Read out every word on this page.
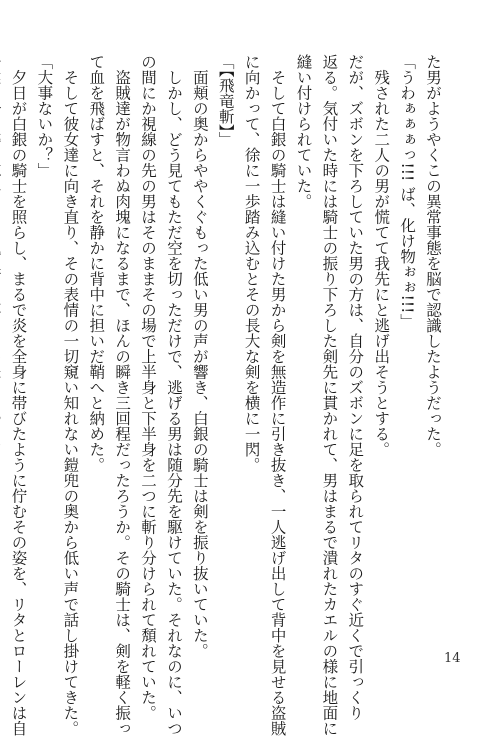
た男がようやくこの異常事態を脳で認識したようだった。
「うわぁぁぁっ!!! ば、化け物ぉぉ!!!」
　残された二人の男が慌てて我先にと逃げ出そうとする。
だが、ズボンを下ろしていた男の方は、自分のズボンに足を取られてリタのすぐ近くで引っくり
返る。気付いた時には騎士の振り下ろした剣先に貫かれて、男はまるで潰れたカエルの様に地面に
縫い付けられていた。
　そして白銀の騎士は縫い付けた男から剣を無造作に引き抜き、一人逃げ出して背中を見せる盗賊
に向かって、徐に一歩踏み込むとその長大な剣を横に一閃。
「【飛竜斬】」
　面頬の奥からややくぐもった低い男の声が響き、白銀の騎士は剣を振り抜いていた。
　しかし、どう見てもただ空を切っただけで、逃げる男は随分先を駆けていた。それなのに、いつ
の間にか視線の先の男はそのままその場で上半身と下半身を二つに斬り分けられて頽れていた。
　盗賊達が物言わぬ肉塊になるまで、ほんの瞬き三回程だったろうか。その騎士は、剣を軽く振っ
て血を飛ばすと、それを静かに背中に担いだ鞘へと納めた。
　そして彼女達に向き直り、その表情の一切窺い知れない鎧兜の奥から低い声で話し掛けてきた。
「大事ないか？」
　夕日が白銀の騎士を照らし、まるで炎を全身に帯びたように佇むその姿を、リタとローレンは自	14
